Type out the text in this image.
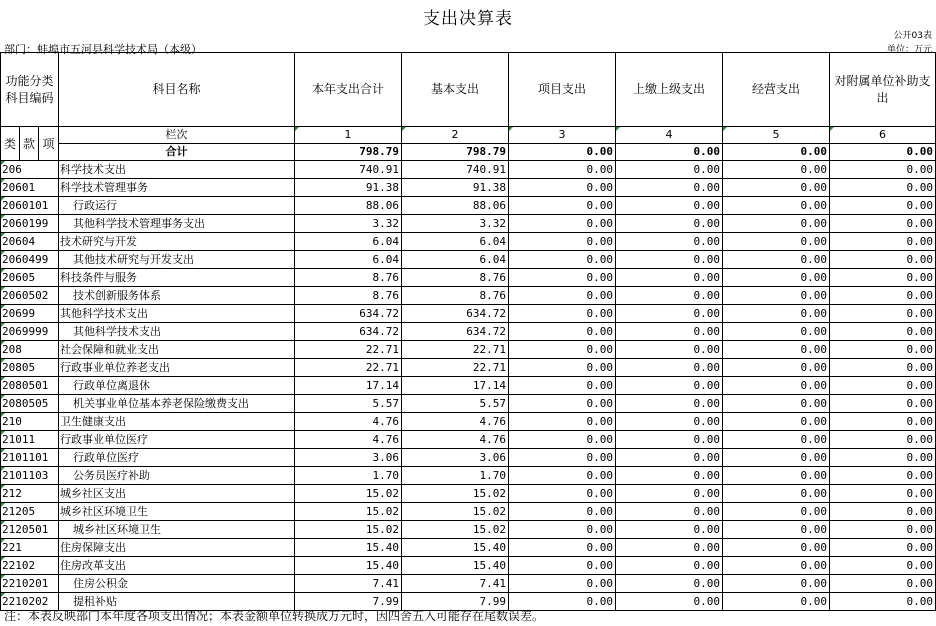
支出决算表
公开03表
部门：蚌埠市五河县科学技术局（本级）	单位：万元
功能分类科目编码			科目名称	本年支出合计	基本支出	项目支出	上缴上级支出	经营支出	对附属单位补助支出
类	款	项							
			栏次	1	2	3	4	5	6
			合计	798.79	798.79	0.00	0.00	0.00	0.00
206			科学技术支出	740.91	740.91	0.00	0.00	0.00	0.00
20601			科学技术管理事务	91.38	91.38	0.00	0.00	0.00	0.00
2060101			行政运行	88.06	88.06	0.00	0.00	0.00	0.00
2060199			其他科学技术管理事务支出	3.32	3.32	0.00	0.00	0.00	0.00
20604			技术研究与开发	6.04	6.04	0.00	0.00	0.00	0.00
2060499			其他技术研究与开发支出	6.04	6.04	0.00	0.00	0.00	0.00
20605			科技条件与服务	8.76	8.76	0.00	0.00	0.00	0.00
2060502			技术创新服务体系	8.76	8.76	0.00	0.00	0.00	0.00
20699			其他科学技术支出	634.72	634.72	0.00	0.00	0.00	0.00
2069999			其他科学技术支出	634.72	634.72	0.00	0.00	0.00	0.00
208			社会保障和就业支出	22.71	22.71	0.00	0.00	0.00	0.00
20805			行政事业单位养老支出	22.71	22.71	0.00	0.00	0.00	0.00
2080501			行政单位离退休	17.14	17.14	0.00	0.00	0.00	0.00
2080505			机关事业单位基本养老保险缴费支出	5.57	5.57	0.00	0.00	0.00	0.00
210			卫生健康支出	4.76	4.76	0.00	0.00	0.00	0.00
21011			行政事业单位医疗	4.76	4.76	0.00	0.00	0.00	0.00
2101101			行政单位医疗	3.06	3.06	0.00	0.00	0.00	0.00
2101103			公务员医疗补助	1.70	1.70	0.00	0.00	0.00	0.00
212			城乡社区支出	15.02	15.02	0.00	0.00	0.00	0.00
21205			城乡社区环境卫生	15.02	15.02	0.00	0.00	0.00	0.00
2120501			城乡社区环境卫生	15.02	15.02	0.00	0.00	0.00	0.00
221			住房保障支出	15.40	15.40	0.00	0.00	0.00	0.00
22102			住房改革支出	15.40	15.40	0.00	0.00	0.00	0.00
2210201			住房公积金	7.41	7.41	0.00	0.00	0.00	0.00
2210202			提租补贴	7.99	7.99	0.00	0.00	0.00	0.00
注：本表反映部门本年度各项支出情况；本表金额单位转换成万元时，因四舍五入可能存在尾数误差。
